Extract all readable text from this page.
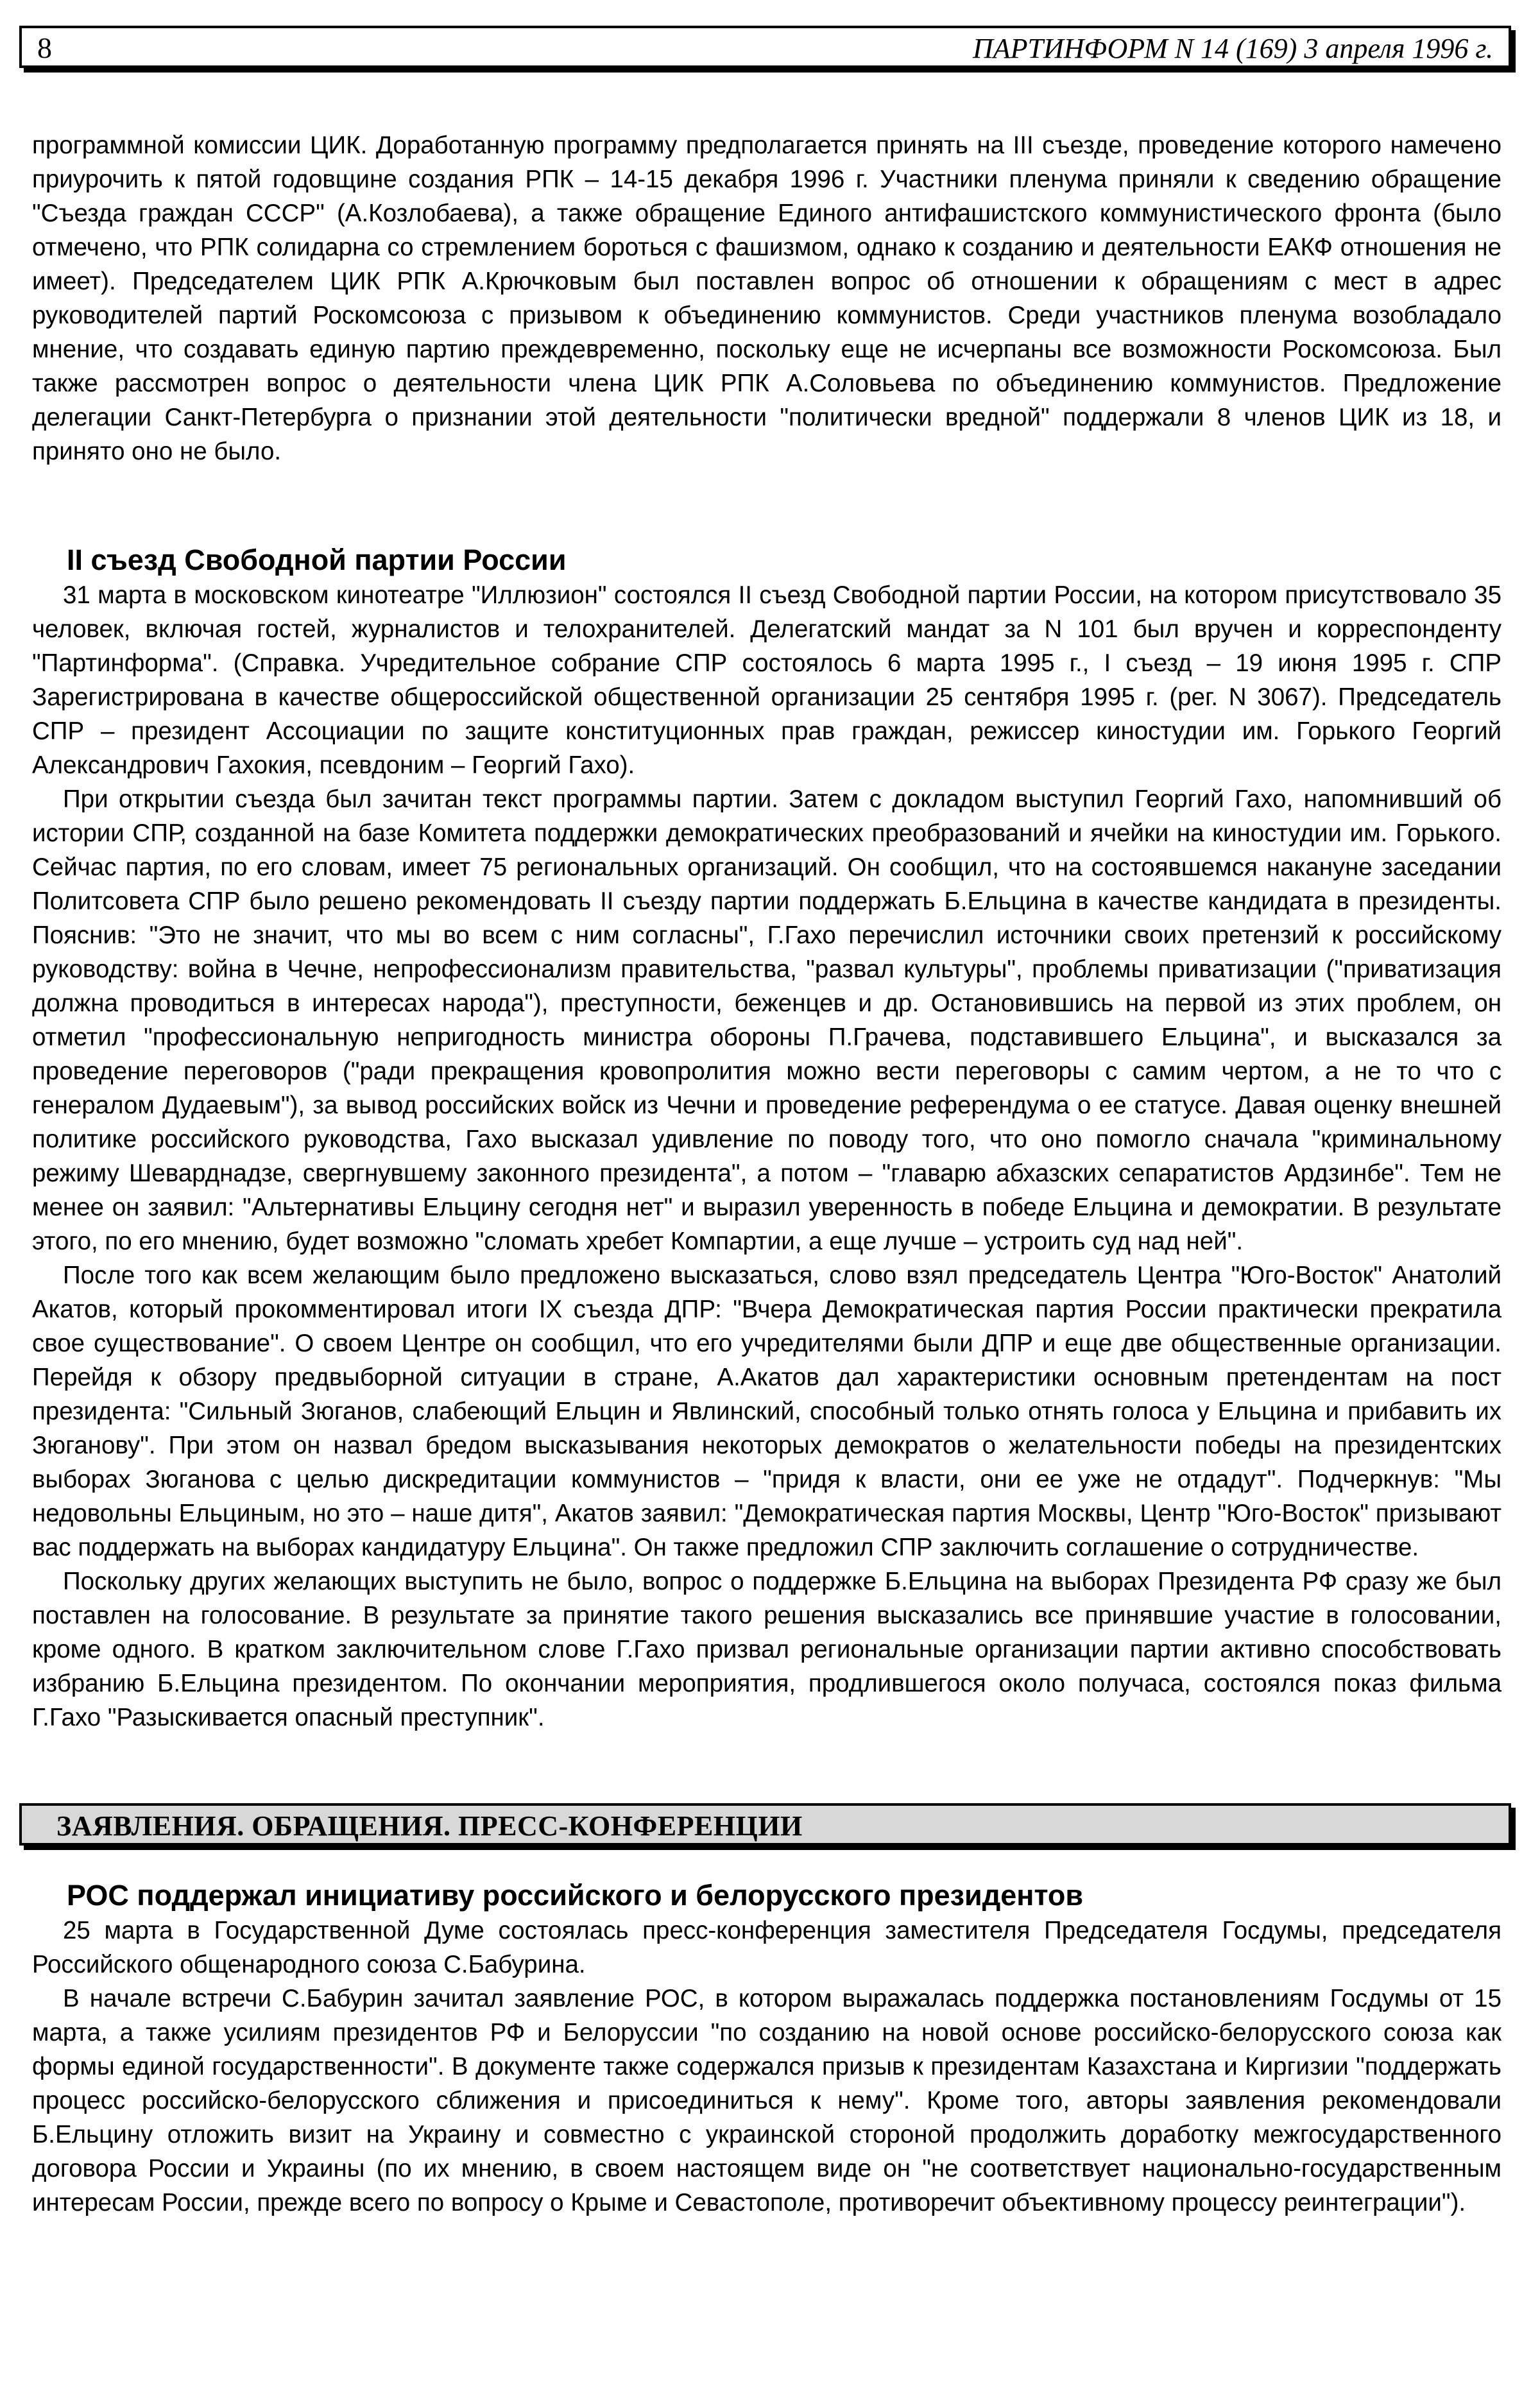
8	ПАРТИНФОРМ N 14 (169) 3 апреля 1996 г.

программной комиссии ЦИК. Доработанную программу предполагается принять на III съезде, проведение которого намечено приурочить к пятой годовщине создания РПК – 14-15 декабря 1996 г. Участники пленума приняли к сведению обращение "Съезда граждан СССР" (А.Козлобаева), а также обращение Единого антифашистского коммунистического фронта (было отмечено, что РПК солидарна со стремлением бороться с фашизмом, однако к созданию и деятельности ЕАКФ отношения не имеет). Председателем ЦИК РПК А.Крючковым был поставлен вопрос об отношении к обращениям с мест в адрес руководителей партий Роскомсоюза с призывом к объединению коммунистов. Среди участников пленума возобладало мнение, что создавать единую партию преждевременно, поскольку еще не исчерпаны все возможности Роскомсоюза. Был также рассмотрен вопрос о деятельности члена ЦИК РПК А.Соловьева по объединению коммунистов. Предложение делегации Санкт-Петербурга о признании этой деятельности "политически вредной" поддержали 8 членов ЦИК из 18, и принято оно не было.

II съезд Свободной партии России

31 марта в московском кинотеатре "Иллюзион" состоялся II съезд Свободной партии России, на котором присутствовало 35 человек, включая гостей, журналистов и телохранителей. Делегатский мандат за N 101 был вручен и корреспонденту "Партинформа". (Справка. Учредительное собрание СПР состоялось 6 марта 1995 г., I съезд – 19 июня 1995 г. СПР Зарегистрирована в качестве общероссийской общественной организации 25 сентября 1995 г. (рег. N 3067). Председатель СПР – президент Ассоциации по защите конституционных прав граждан, режиссер киностудии им. Горького Георгий Александрович Гахокия, псевдоним – Георгий Гахо).

При открытии съезда был зачитан текст программы партии. Затем с докладом выступил Георгий Гахо, напомнивший об истории СПР, созданной на базе Комитета поддержки демократических преобразований и ячейки на киностудии им. Горького. Сейчас партия, по его словам, имеет 75 региональных организаций. Он сообщил, что на состоявшемся накануне заседании Политсовета СПР было решено рекомендовать II съезду партии поддержать Б.Ельцина в качестве кандидата в президенты. Пояснив: "Это не значит, что мы во всем с ним согласны", Г.Гахо перечислил источники своих претензий к российскому руководству: война в Чечне, непрофессионализм правительства, "развал культуры", проблемы приватизации ("приватизация должна проводиться в интересах народа"), преступности, беженцев и др. Остановившись на первой из этих проблем, он отметил "профессиональную непригодность министра обороны П.Грачева, подставившего Ельцина", и высказался за проведение переговоров ("ради прекращения кровопролития можно вести переговоры с самим чертом, а не то что с генералом Дудаевым"), за вывод российских войск из Чечни и проведение референдума о ее статусе. Давая оценку внешней политике российского руководства, Гахо высказал удивление по поводу того, что оно помогло сначала "криминальному режиму Шеварднадзе, свергнувшему законного президента", а потом – "главарю абхазских сепаратистов Ардзинбе". Тем не менее он заявил: "Альтернативы Ельцину сегодня нет" и выразил уверенность в победе Ельцина и демократии. В результате этого, по его мнению, будет возможно "сломать хребет Компартии, а еще лучше – устроить суд над ней".

После того как всем желающим было предложено высказаться, слово взял председатель Центра "Юго-Восток" Анатолий Акатов, который прокомментировал итоги IX съезда ДПР: "Вчера Демократическая партия России практически прекратила свое существование". О своем Центре он сообщил, что его учредителями были ДПР и еще две общественные организации. Перейдя к обзору предвыборной ситуации в стране, А.Акатов дал характеристики основным претендентам на пост президента: "Сильный Зюганов, слабеющий Ельцин и Явлинский, способный только отнять голоса у Ельцина и прибавить их Зюганову". При этом он назвал бредом высказывания некоторых демократов о желательности победы на президентских выборах Зюганова с целью дискредитации коммунистов – "придя к власти, они ее уже не отдадут". Подчеркнув: "Мы недовольны Ельциным, но это – наше дитя", Акатов заявил: "Демократическая партия Москвы, Центр "Юго-Восток" призывают вас поддержать на выборах кандидатуру Ельцина". Он также предложил СПР заключить соглашение о сотрудничестве.

Поскольку других желающих выступить не было, вопрос о поддержке Б.Ельцина на выборах Президента РФ сразу же был поставлен на голосование. В результате за принятие такого решения высказались все принявшие участие в голосовании, кроме одного. В кратком заключительном слове Г.Гахо призвал региональные организации партии активно способствовать избранию Б.Ельцина президентом. По окончании мероприятия, продлившегося около получаса, состоялся показ фильма Г.Гахо "Разыскивается опасный преступник".

ЗАЯВЛЕНИЯ. ОБРАЩЕНИЯ. ПРЕСС-КОНФЕРЕНЦИИ
РОС поддержал инициативу российского и белорусского президентов

25 марта в Государственной Думе состоялась пресс-конференция заместителя Председателя Госдумы, председателя Российского общенародного союза С.Бабурина.

В начале встречи С.Бабурин зачитал заявление РОС, в котором выражалась поддержка постановлениям Госдумы от 15 марта, а также усилиям президентов РФ и Белоруссии "по созданию на новой основе российско-белорусского союза как формы единой государственности". В документе также содержался призыв к президентам Казахстана и Киргизии "поддержать процесс российско-белорусского сближения и присоединиться к нему". Кроме того, авторы заявления рекомендовали Б.Ельцину отложить визит на Украину и совместно с украинской стороной продолжить доработку межгосударственного договора России и Украины (по их мнению, в своем настоящем виде он "не соответствует национально-государственным интересам России, прежде всего по вопросу о Крыме и Севастополе, противоречит объективному процессу реинтеграции").
